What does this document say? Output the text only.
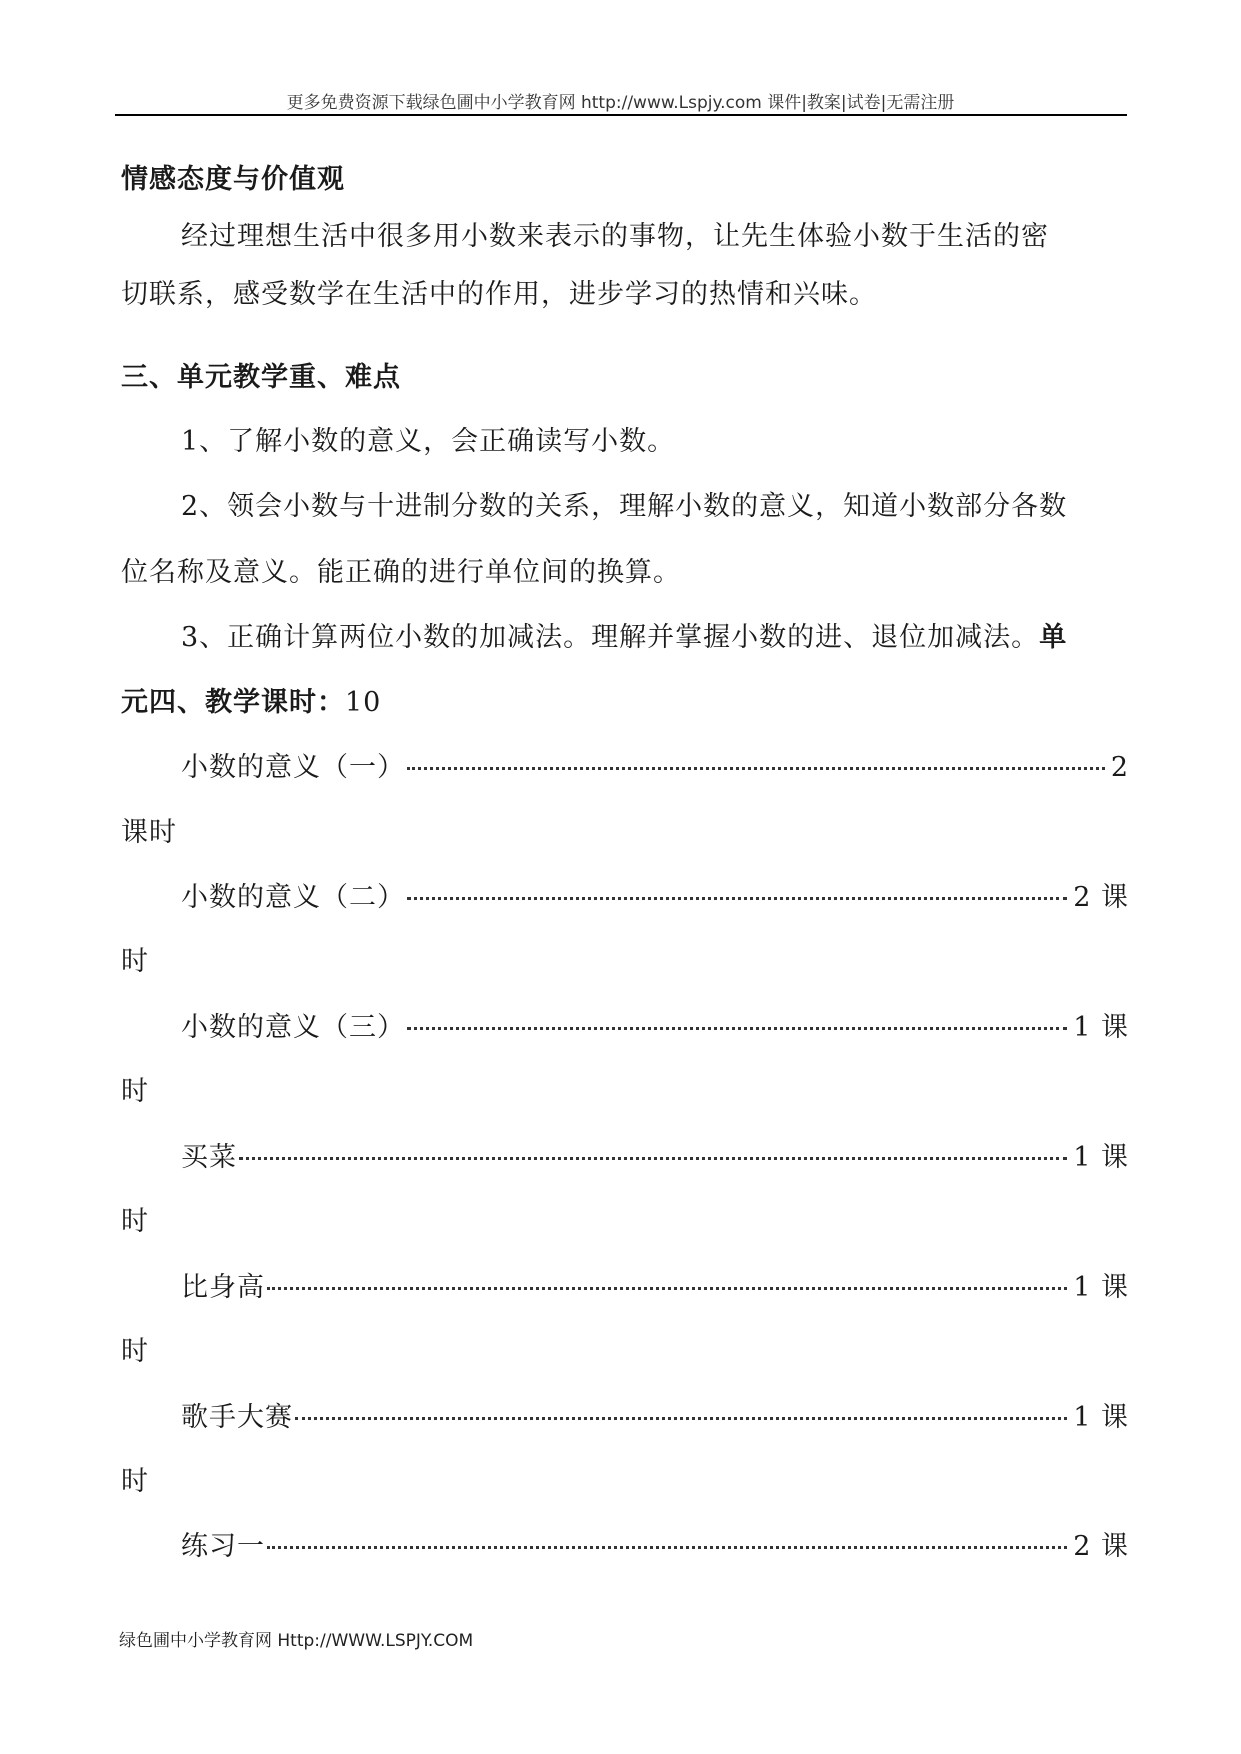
更多免费资源下载绿色圃中小学教育网 http://www.Lspjy.com 课件|教案|试卷|无需注册
情感态度与价值观
经过理想生活中很多用小数来表示的事物，让先生体验小数于生活的密
切联系，感受数学在生活中的作用，进步学习的热情和兴味。
三、单元教学重、难点
1、了解小数的意义，会正确读写小数。
2、领会小数与十进制分数的关系，理解小数的意义，知道小数部分各数
位名称及意义。能正确的进行单位间的换算。
3、正确计算两位小数的加减法。理解并掌握小数的进、退位加减法。单
元四、教学课时：10
小数的意义（一）	2
课时
小数的意义（二）	2 课
时
小数的意义（三）	1 课
时
买菜	1 课
时
比身高	1 课
时
歌手大赛	1 课
时
练习一	2 课
绿色圃中小学教育网 Http://WWW.LSPJY.COM
